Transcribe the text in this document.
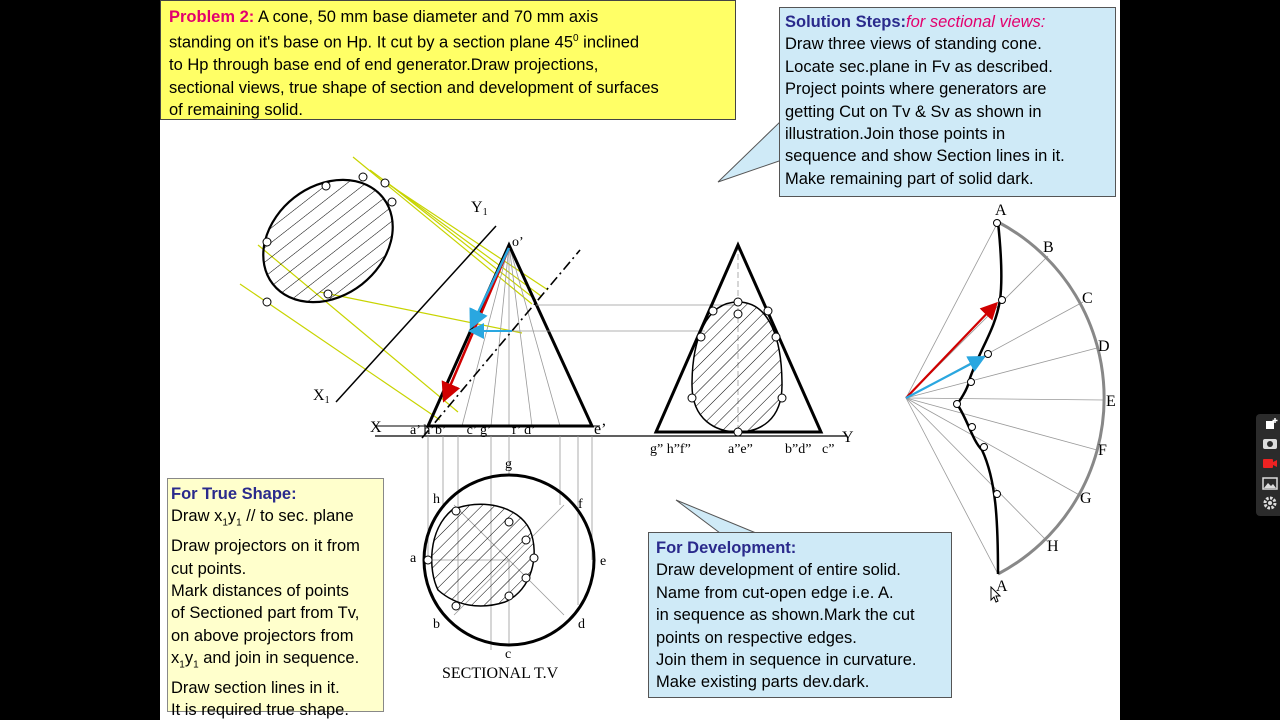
X
X1
Y1
o’
a’ h’b’      c’ g’      f’ d’	e’	Y
g” h”f”	a”e” b”d” c”
g
h	f
a	e
b	d
c
SECTIONAL T.V
A
B
C
D
E
F
G
H
A

Problem 2: A cone, 50 mm base diameter and 70 mm axis

standing on it's base on Hp. It cut by a section plane $45^0$ inclined

to Hp through base end of end generator.Draw projections,

sectional views, true shape of section and development of surfaces

of remaining solid.

Solution Steps:for sectional views:

Draw three views of standing cone.

Locate sec.plane in Fv as described.

Project points where generators are

getting Cut on Tv & Sv as shown in

illustration.Join those points in

sequence and show Section lines in it.

Make remaining part of solid dark.

For True Shape:

Draw $x_1y_1$ // to sec. plane

Draw projectors on it from

cut points.

Mark distances of points

of Sectioned part from Tv,

on above projectors from

$x_1y_1$ and join in sequence.

Draw section lines in it.

It is required true shape.

For Development:

Draw development of entire solid.

Name from cut-open edge i.e. A.

in sequence as shown.Mark the cut

points on respective edges.

Join them in sequence in curvature.

Make existing parts dev.dark.
